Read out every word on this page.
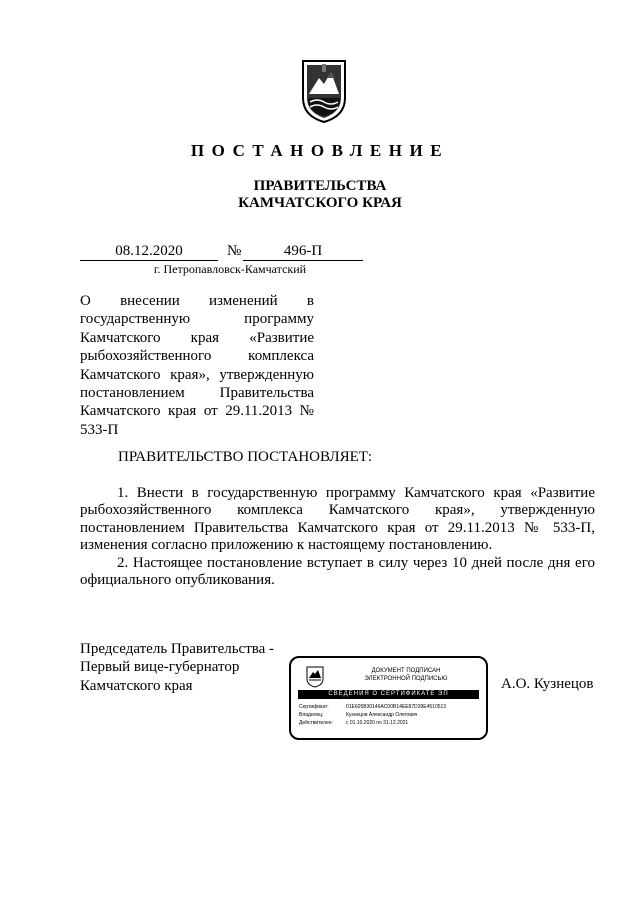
ПОСТАНОВЛЕНИЕ
ПРАВИТЕЛЬСТВА
КАМЧАТСКОГО КРАЯ
08.12.2020	№	496-П
г. Петропавловск-Камчатский
О внесении изменений в
государственную программу
Камчатского края «Развитие
рыбохозяйственного комплекса
Камчатского края», утвержденную
постановлением Правительства
Камчатского края от 29.11.2013 №
533-П
ПРАВИТЕЛЬСТВО ПОСТАНОВЛЯЕТ:

1. Внести в государственную программу Камчатского края «Развитие рыбохозяйственного комплекса Камчатского края», утвержденную постановлением Правительства Камчатского края от 29.11.2013 № 533-П, изменения согласно приложению к настоящему постановлению.

2. Настоящее постановление вступает в силу через 10 дней после дня его официального опубликования.

Председатель Правительства -
Первый вице-губернатор
Камчатского края	А.О. Кузнецов
ДОКУМЕНТ ПОДПИСАН
ЭЛЕКТРОННОЙ ПОДПИСЬЮ
СВЕДЕНИЯ О СЕРТИФИКАТЕ ЭП
Сертификат:	01E605B30146AC00B14EE87D39E4510513
Владелец:	Кузнецов Александр Олегович
Действителен:	с 01.10.2020 по 31.12.2021
